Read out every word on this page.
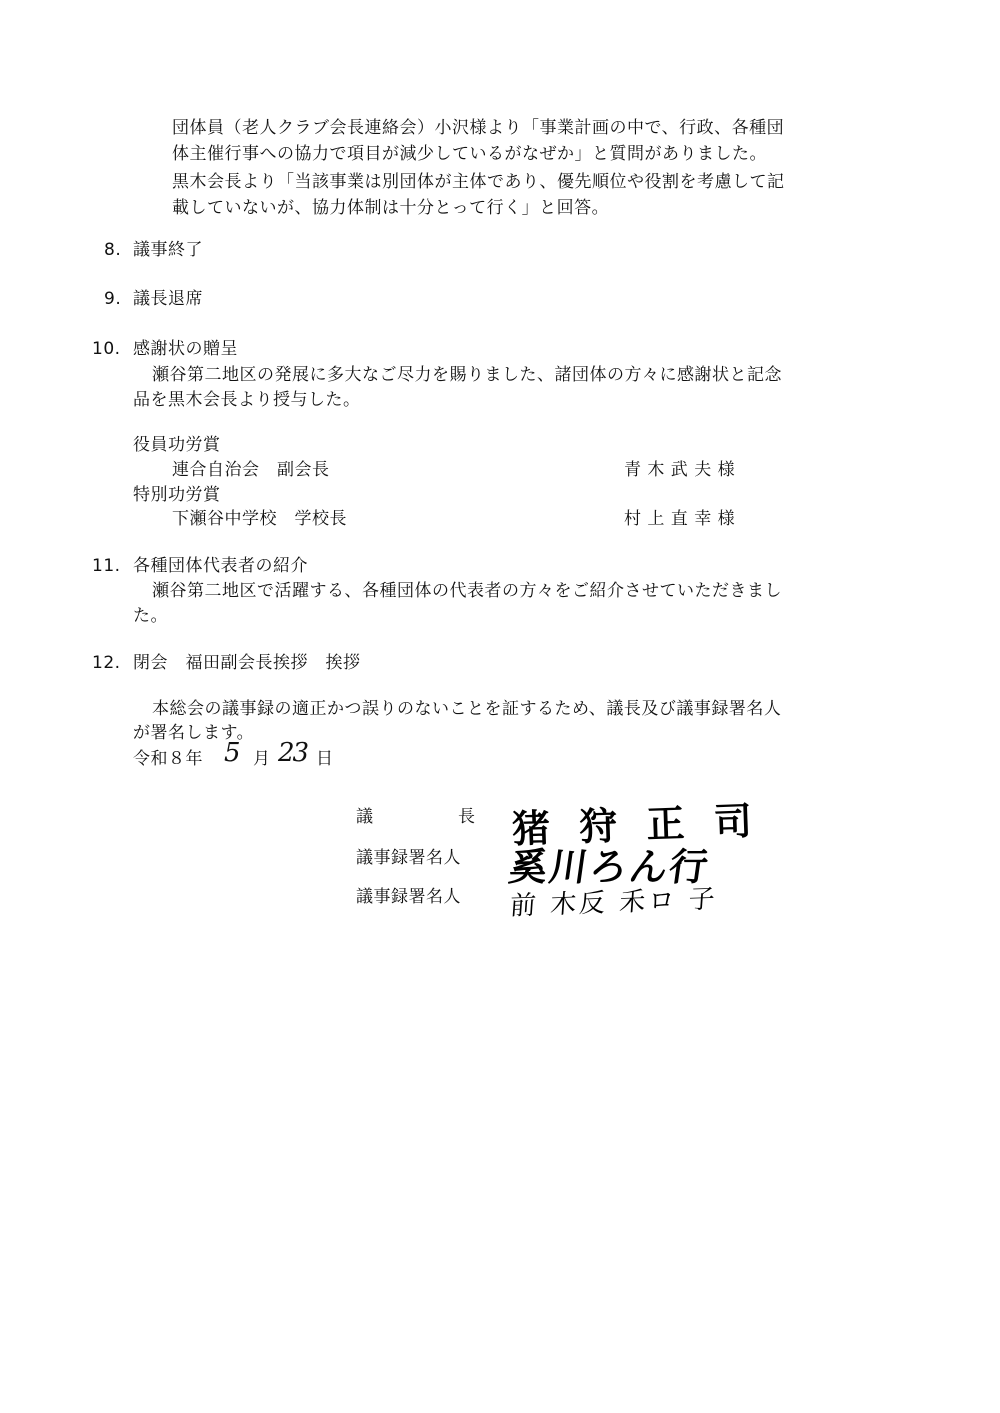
団体員（老人クラブ会長連絡会）小沢様より「事業計画の中で、行政、各種団
体主催行事への協力で項目が減少しているがなぜか」と質問がありました。
黒木会長より「当該事業は別団体が主体であり、優先順位や役割を考慮して記
載していないが、協力体制は十分とって行く」と回答。
8. 議事終了
9. 議長退席
10. 感謝状の贈呈
瀬谷第二地区の発展に多大なご尽力を賜りました、諸団体の方々に感謝状と記念
品を黒木会長より授与した。
役員功労賞
連合自治会　副会長	青 木 武 夫 様
特別功労賞
下瀬谷中学校　学校長	村 上 直 幸 様
11. 各種団体代表者の紹介
瀬谷第二地区で活躍する、各種団体の代表者の方々をご紹介させていただきまし
た。
12. 閉会　福田副会長挨拶　挨拶
本総会の議事録の適正かつ誤りのないことを証するため、議長及び議事録署名人
が署名します。
令和８年 5 月 23 日
議	長 猪 狩 正 司
議事録署名人 奚川ろん行
議事録署名人 前 木反 禾ロ 子
